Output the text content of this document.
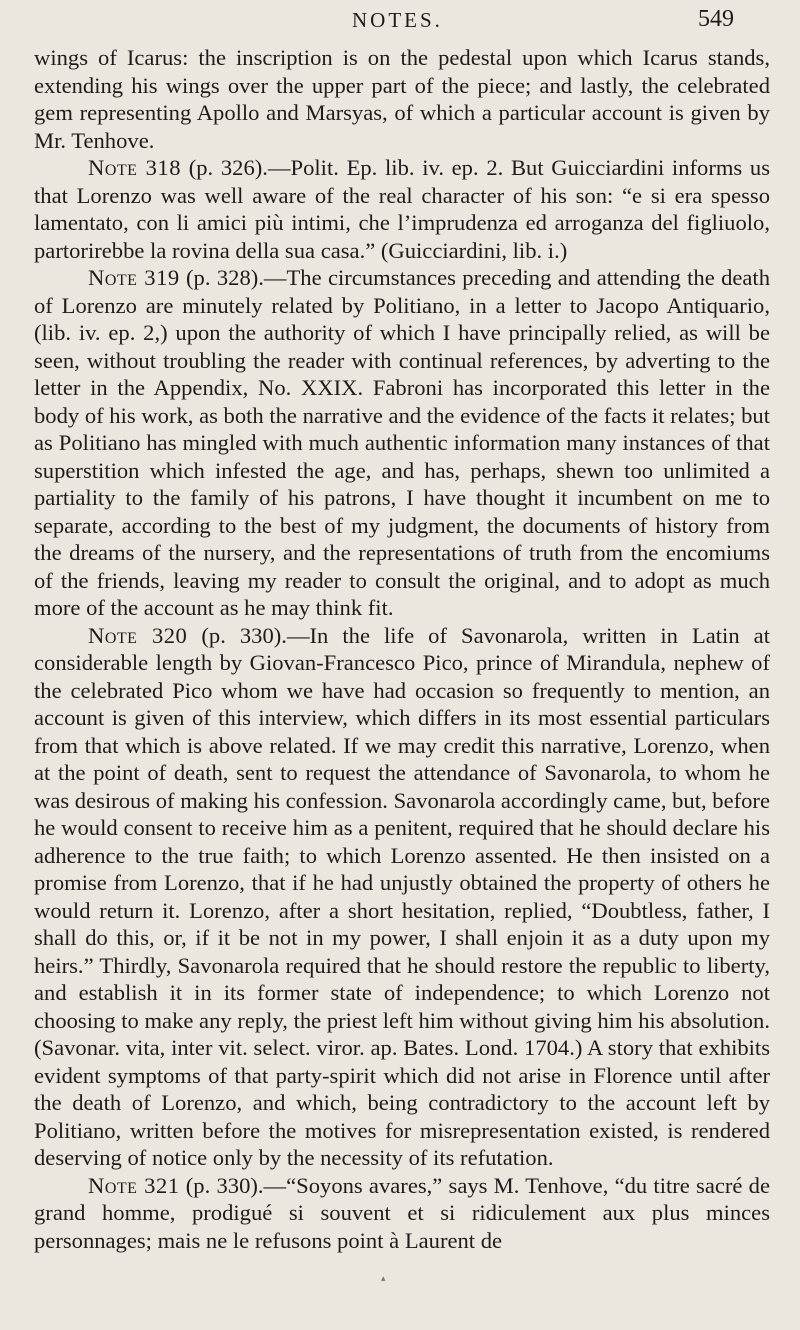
NOTES.	549

wings of Icarus: the inscription is on the pedestal upon which Icarus stands, extending his wings over the upper part of the piece; and lastly, the celebrated gem representing Apollo and Marsyas, of which a particular account is given by Mr. Tenhove.

Note 318 (p. 326).—Polit. Ep. lib. iv. ep. 2. But Guicciardini informs us that Lorenzo was well aware of the real character of his son: “e si era spesso lamentato, con li amici più intimi, che l’imprudenza ed arroganza del figliuolo, partorirebbe la rovina della sua casa.” (Guicciardini, lib. i.)

Note 319 (p. 328).—The circumstances preceding and attending the death of Lorenzo are minutely related by Politiano, in a letter to Jacopo Antiquario, (lib. iv. ep. 2,) upon the authority of which I have principally relied, as will be seen, without troubling the reader with continual references, by adverting to the letter in the Appendix, No. XXIX. Fabroni has incorporated this letter in the body of his work, as both the narrative and the evidence of the facts it relates; but as Politiano has mingled with much authentic information many instances of that superstition which infested the age, and has, perhaps, shewn too unlimited a partiality to the family of his patrons, I have thought it incumbent on me to separate, according to the best of my judgment, the documents of history from the dreams of the nursery, and the representations of truth from the encomiums of the friends, leaving my reader to consult the original, and to adopt as much more of the account as he may think fit.

Note 320 (p. 330).—In the life of Savonarola, written in Latin at considerable length by Giovan-Francesco Pico, prince of Mirandula, nephew of the celebrated Pico whom we have had occasion so frequently to mention, an account is given of this interview, which differs in its most essential particulars from that which is above related. If we may credit this narrative, Lorenzo, when at the point of death, sent to request the attendance of Savonarola, to whom he was desirous of making his confession. Savonarola accordingly came, but, before he would consent to receive him as a penitent, required that he should declare his adherence to the true faith; to which Lorenzo assented. He then insisted on a promise from Lorenzo, that if he had unjustly obtained the property of others he would return it. Lorenzo, after a short hesitation, replied, “Doubtless, father, I shall do this, or, if it be not in my power, I shall enjoin it as a duty upon my heirs.” Thirdly, Savonarola required that he should restore the republic to liberty, and establish it in its former state of independence; to which Lorenzo not choosing to make any reply, the priest left him without giving him his absolution. (Savonar. vita, inter vit. select. viror. ap. Bates. Lond. 1704.) A story that exhibits evident symptoms of that party-spirit which did not arise in Florence until after the death of Lorenzo, and which, being contradictory to the account left by Politiano, written before the motives for misrepresentation existed, is rendered deserving of notice only by the necessity of its refutation.

Note 321 (p. 330).—“Soyons avares,” says M. Tenhove, “du titre sacré de grand homme, prodigué si souvent et si ridiculement aux plus minces personnages; mais ne le refusons point à Laurent de

▴
